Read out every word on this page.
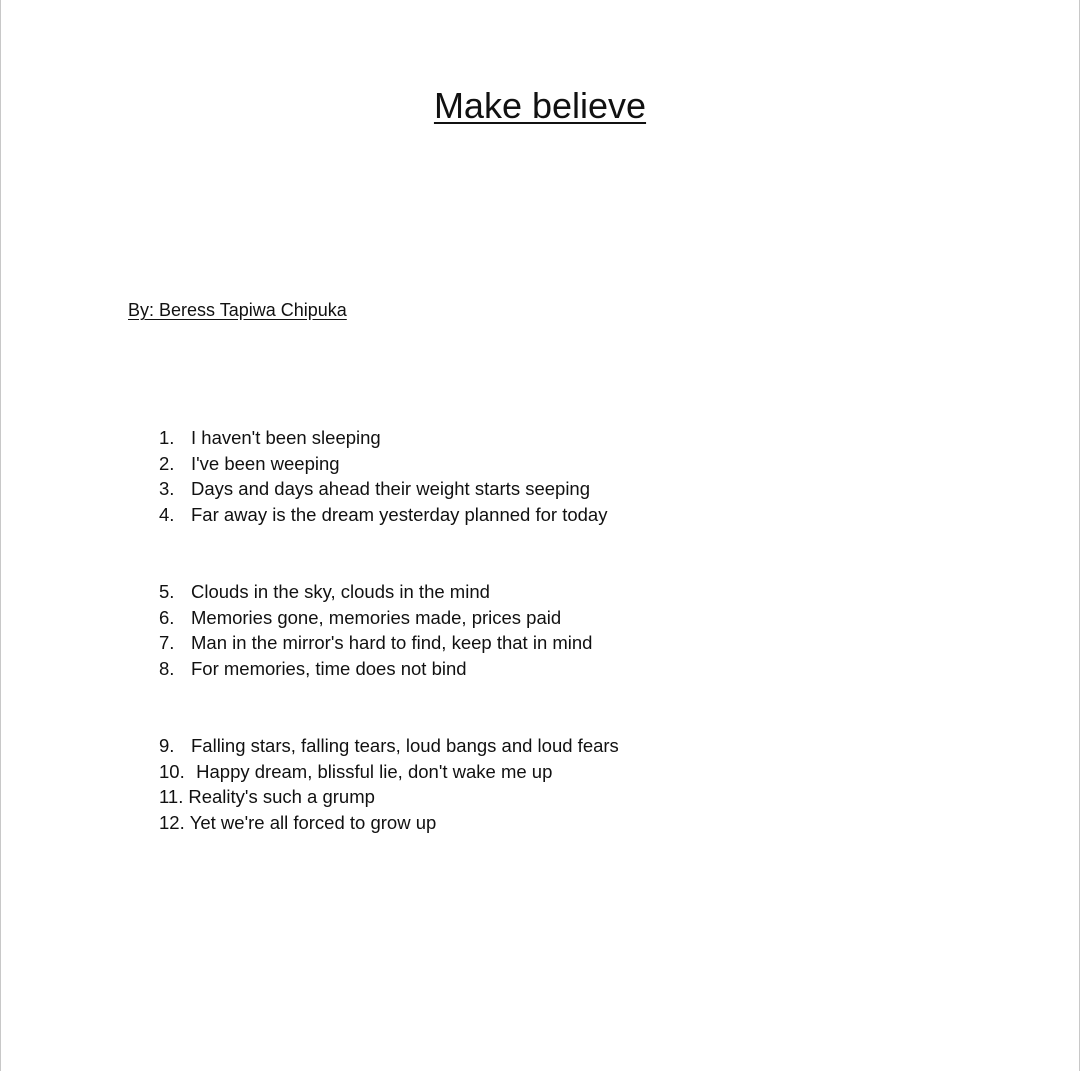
Make believe

By: Beress Tapiwa Chipuka

1. I haven't been sleeping
2. I've been weeping
3. Days and days ahead their weight starts seeping
4. Far away is the dream yesterday planned for today
5. Clouds in the sky, clouds in the mind
6. Memories gone, memories made, prices paid
7. Man in the mirror's hard to find, keep that in mind
8. For memories, time does not bind
9. Falling stars, falling tears, loud bangs and loud fears
10. Happy dream, blissful lie, don't wake me up
11. Reality's such a grump
12. Yet we're all forced to grow up
